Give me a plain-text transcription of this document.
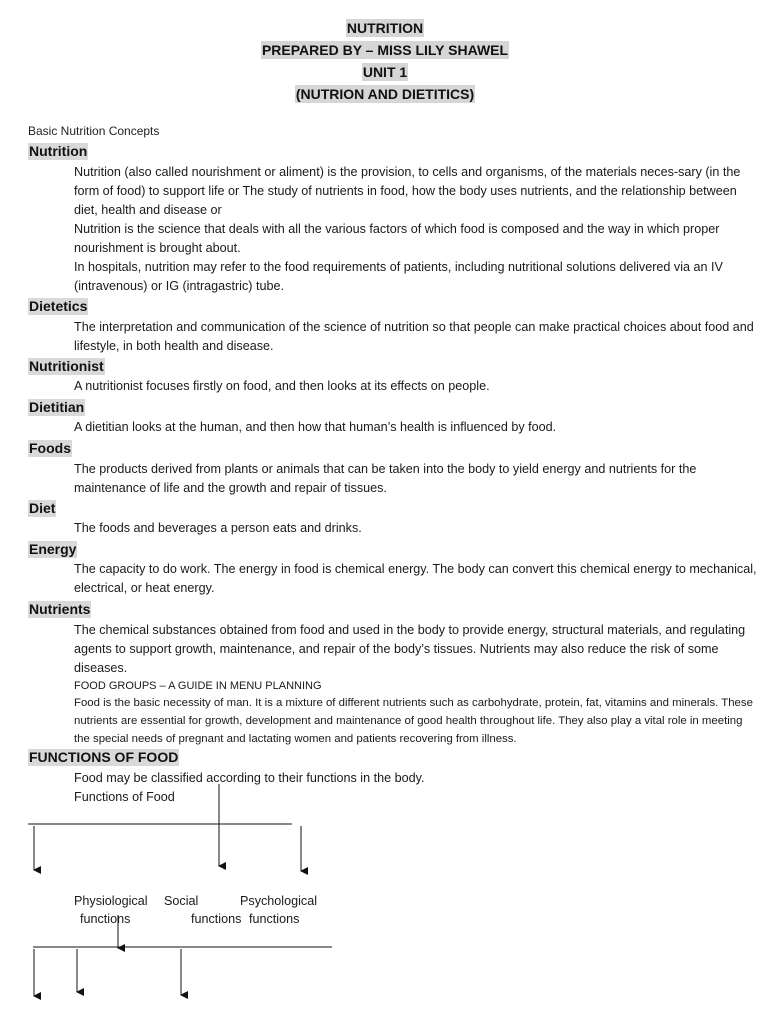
NUTRITION
PREPARED BY – MISS LILY SHAWEL
UNIT 1
(NUTRION AND DIETITICS)
Basic Nutrition Concepts
Nutrition
Nutrition (also called nourishment or aliment) is the provision, to cells and organisms, of the materials neces-sary (in the form of food) to support life or The study of nutrients in food, how the body uses nutrients, and the relationship between diet, health and disease or
Nutrition is the science that deals with all the various factors of which food is composed and the way in which proper nourishment is brought about.
In hospitals, nutrition may refer to the food requirements of patients, including nutritional solutions delivered via an IV (intravenous) or IG (intragastric) tube.
Dietetics
The interpretation and communication of the science of nutrition so that people can make practical choices about food and lifestyle, in both health and disease.
Nutritionist
A nutritionist focuses firstly on food, and then looks at its effects on people.
Dietitian
A dietitian looks at the human, and then how that human’s health is influenced by food.
Foods
The products derived from plants or animals that can be taken into the body to yield energy and nutrients for the maintenance of life and the growth and repair of tissues.
Diet
The foods and beverages a person eats and drinks.
Energy
The capacity to do work. The energy in food is chemical energy. The body can convert this chemical energy to mechanical, electrical, or heat energy.
Nutrients
The chemical substances obtained from food and used in the body to provide energy, structural materials, and regulating agents to support growth, maintenance, and repair of the body’s tissues. Nutrients may also reduce the risk of some diseases.
FOOD GROUPS – A GUIDE IN MENU PLANNING
Food is the basic necessity of man. It is a mixture of different nutrients such as carbohydrate, protein, fat, vitamins and minerals. These nutrients are essential for growth, development and maintenance of good health throughout life. They also play a vital role in meeting the special needs of pregnant and lactating women and patients recovering from illness.
FUNCTIONS OF FOOD
Food may be classified according to their functions in the body.
Functions of Food
Physiological
functions
Social
functions
Psychological
functions
